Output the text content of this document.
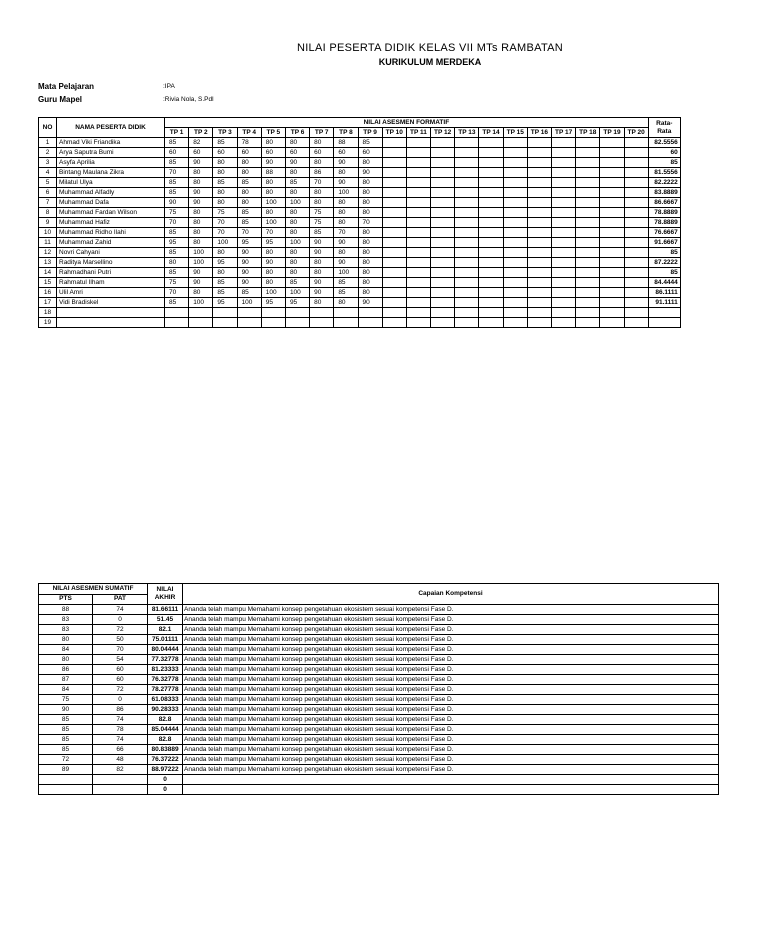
NILAI PESERTA DIDIK KELAS VII MTs RAMBATAN
KURIKULUM MERDEKA
Mata Pelajaran	:IPA
Guru Mapel	:Rivia Nola, S.Pdl
NO	NAMA PESERTA DIDIK	NILAI ASESMEN FORMATIF																				Rata-
Rata

		TP 1	TP 2	TP 3	TP 4	TP 5	TP 6	TP 7	TP 8	TP 9	TP 10	TP 11	TP 12	TP 13	TP 14	TP 15	TP 16	TP 17	TP 18	TP 19	TP 20	
1	Ahmad Viki Friandika	85	82	85	78	80	80	80	88	85												82.5556
2	Arya Saputra Bumi	60	60	60	60	60	60	60	60	60												60
3	Asyfa Aprilia	85	90	80	80	90	90	80	90	80												85
4	Bintang Maulana Zikra	70	80	80	80	88	80	86	80	90												81.5556
5	Milatul Ulya	85	80	85	85	80	85	70	90	80												82.2222
6	Muhammad Alfadly	85	90	80	80	80	80	80	100	80												83.8889
7	Muhammad Dafa	90	90	80	80	100	100	80	80	80												86.6667
8	Muhammad Fardan Wilson	75	80	75	85	80	80	75	80	80												78.8889
9	Muhammad Hafiz	70	80	70	85	100	80	75	80	70												78.8889
10	Muhammad Ridho Ilahi	85	80	70	70	70	80	85	70	80												76.6667
11	Muhammad Zahid	95	80	100	95	95	100	90	90	80												91.6667
12	Novri Cahyani	85	100	80	90	80	80	90	80	80												85
13	Raditya Marsellino	80	100	95	90	90	80	80	90	80												87.2222
14	Rahmadhani Putri	85	90	80	90	80	80	80	100	80												85
15	Rahmatul Ilham	75	90	85	90	80	85	90	85	80												84.4444
16	Ulil Amri	70	80	85	85	100	100	90	85	80												86.1111
17	Vidi Bradiskel	85	100	95	100	95	95	80	80	90												91.1111
18																						
19																						
NILAI ASESMEN SUMATIF		NILAI
AKHIR	Capaian Kompetensi
PTS	PAT		
88	74	81.66111	Ananda telah mampu Memahami konsep pengetahuan ekosistem sesuai kompetensi Fase D.
83	0	51.45	Ananda telah mampu Memahami konsep pengetahuan ekosistem sesuai kompetensi Fase D.
83	72	82.1	Ananda telah mampu Memahami konsep pengetahuan ekosistem sesuai kompetensi Fase D.
80	50	75.01111	Ananda telah mampu Memahami konsep pengetahuan ekosistem sesuai kompetensi Fase D.
84	70	80.04444	Ananda telah mampu Memahami konsep pengetahuan ekosistem sesuai kompetensi Fase D.
80	54	77.32778	Ananda telah mampu Memahami konsep pengetahuan ekosistem sesuai kompetensi Fase D.
86	60	81.23333	Ananda telah mampu Memahami konsep pengetahuan ekosistem sesuai kompetensi Fase D.
87	60	76.32778	Ananda telah mampu Memahami konsep pengetahuan ekosistem sesuai kompetensi Fase D.
84	72	78.27778	Ananda telah mampu Memahami konsep pengetahuan ekosistem sesuai kompetensi Fase D.
75	0	61.08333	Ananda telah mampu Memahami konsep pengetahuan ekosistem sesuai kompetensi Fase D.
90	86	90.28333	Ananda telah mampu Memahami konsep pengetahuan ekosistem sesuai kompetensi Fase D.
85	74	82.8	Ananda telah mampu Memahami konsep pengetahuan ekosistem sesuai kompetensi Fase D.
85	78	85.04444	Ananda telah mampu Memahami konsep pengetahuan ekosistem sesuai kompetensi Fase D.
85	74	82.8	Ananda telah mampu Memahami konsep pengetahuan ekosistem sesuai kompetensi Fase D.
85	66	80.83889	Ananda telah mampu Memahami konsep pengetahuan ekosistem sesuai kompetensi Fase D.
72	48	76.37222	Ananda telah mampu Memahami konsep pengetahuan ekosistem sesuai kompetensi Fase D.
89	82	88.97222	Ananda telah mampu Memahami konsep pengetahuan ekosistem sesuai kompetensi Fase D.
		0	
		0	
